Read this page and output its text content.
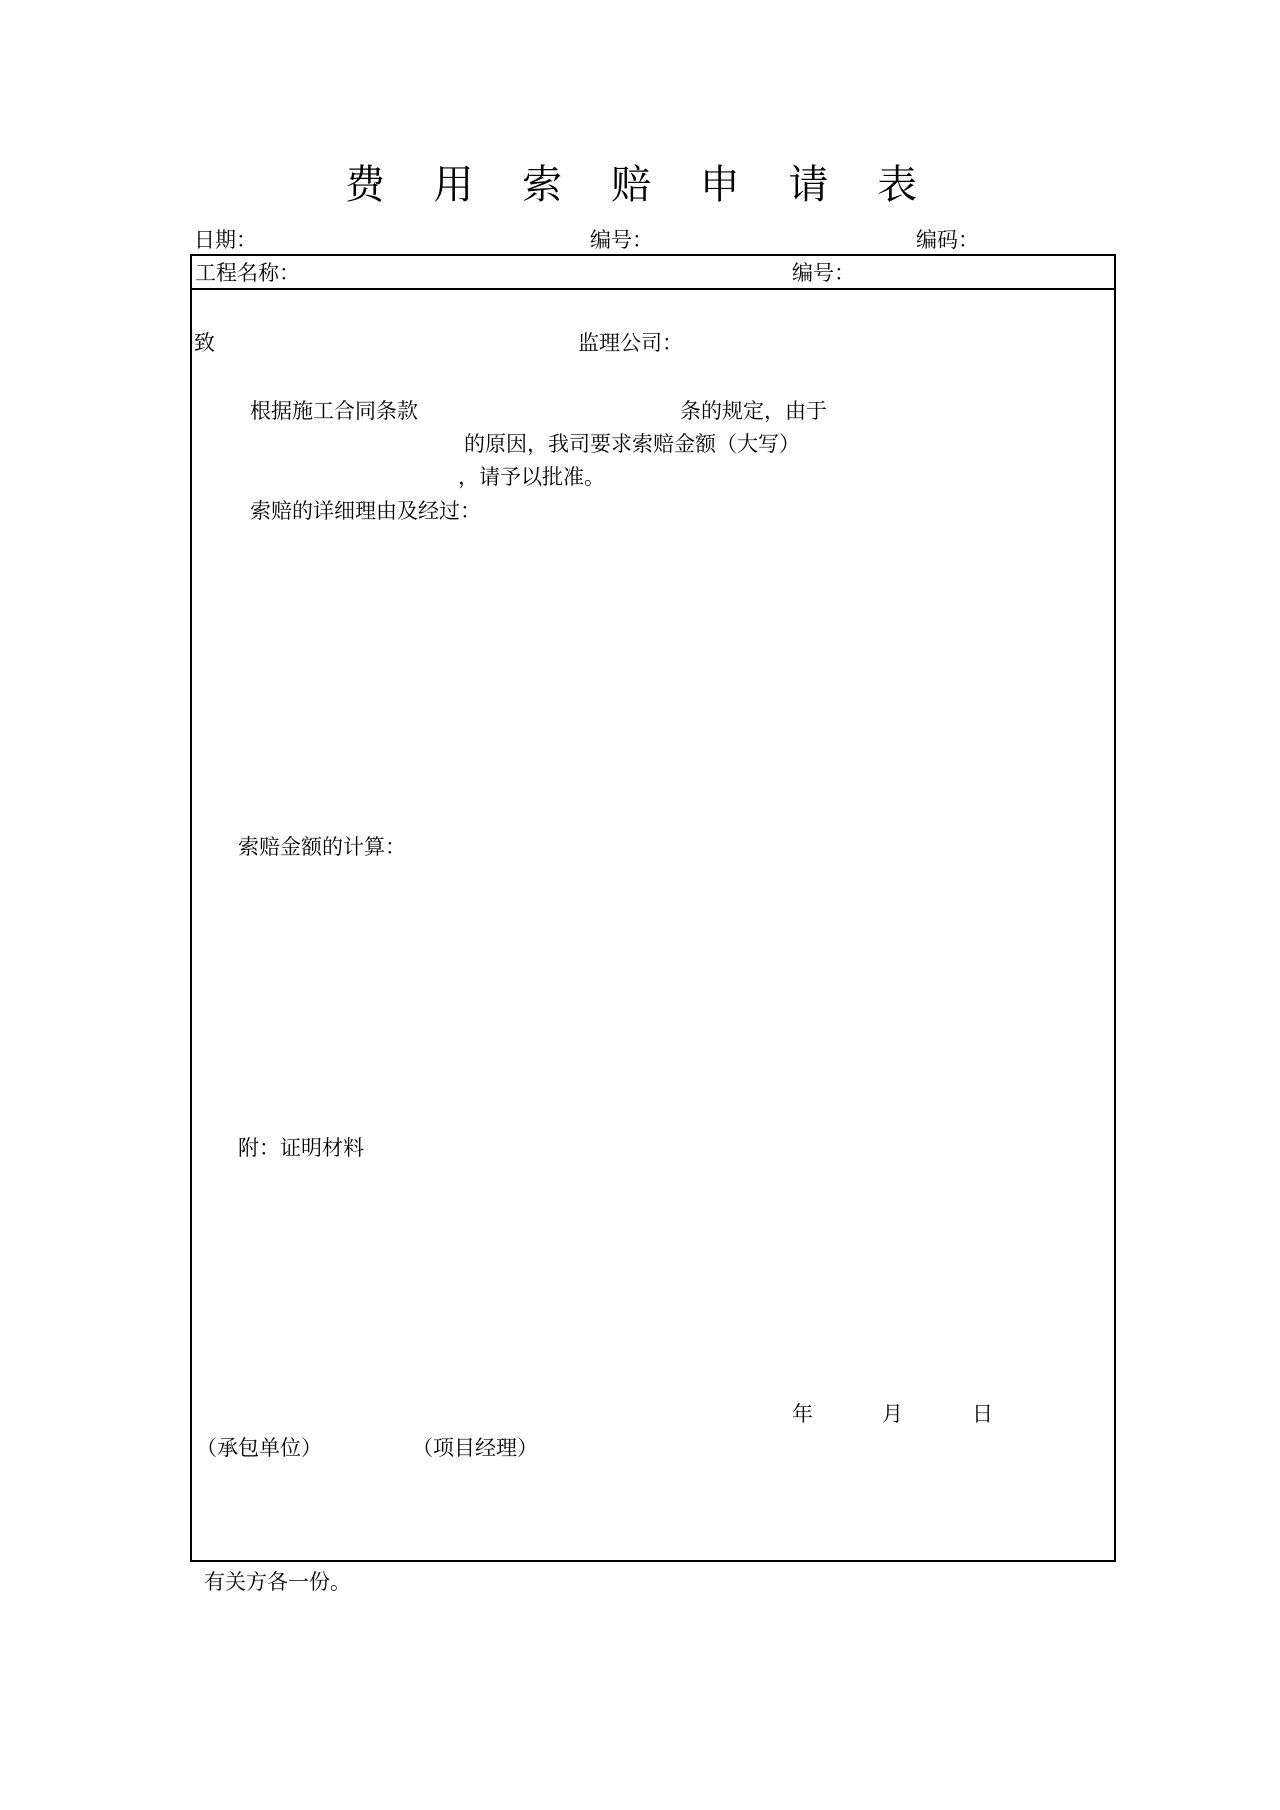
费 用 索 赔 申 请 表
日期：	编号：	编码：
工程名称：	编号：
致	监理公司：
根据施工合同条款	条的规定，由于
的原因，我司要求索赔金额（大写）
，请予以批准。
索赔的详细理由及经过：
索赔金额的计算：
附：证明材料
年	月	日
（承包单位）	（项目经理）
有关方各一份。
